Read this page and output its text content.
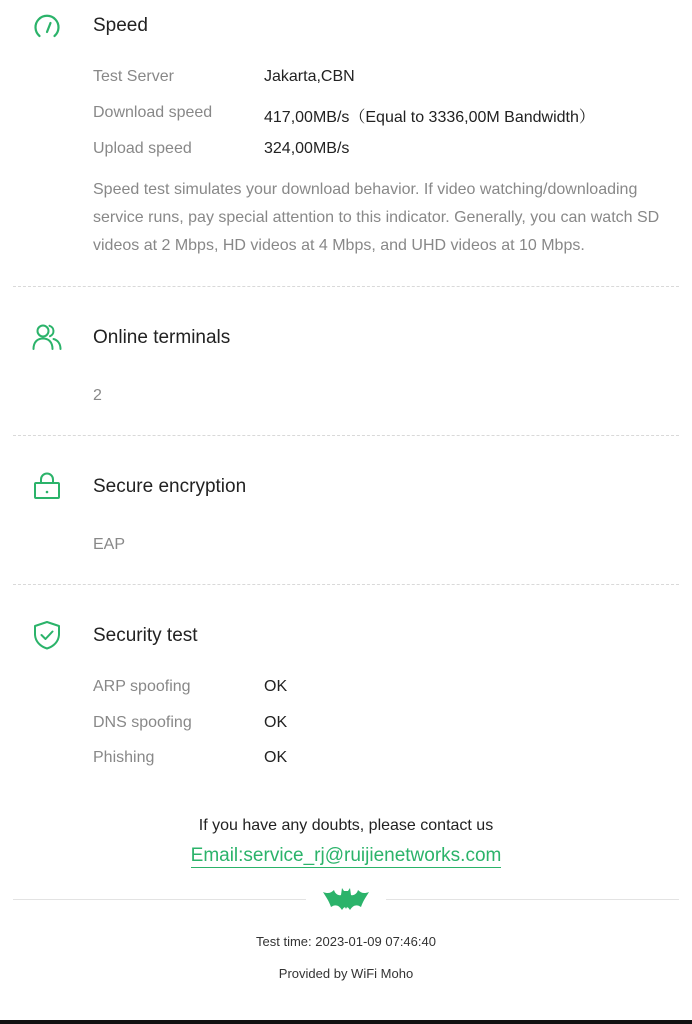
Speed
Test Server	Jakarta,CBN
Download speed	417,00MB/s（Equal to 3336,00M Bandwidth）
Upload speed	324,00MB/s
Speed test simulates your download behavior. If video watching/downloading service runs, pay special attention to this indicator. Generally, you can watch SD videos at 2 Mbps, HD videos at 4 Mbps, and UHD videos at 10 Mbps.
Online terminals
2
Secure encryption
EAP
Security test
ARP spoofing	OK
DNS spoofing	OK
Phishing	OK
If you have any doubts, please contact us
Email:service_rj@ruijienetworks.com
Test time: 2023-01-09 07:46:40
Provided by WiFi Moho
